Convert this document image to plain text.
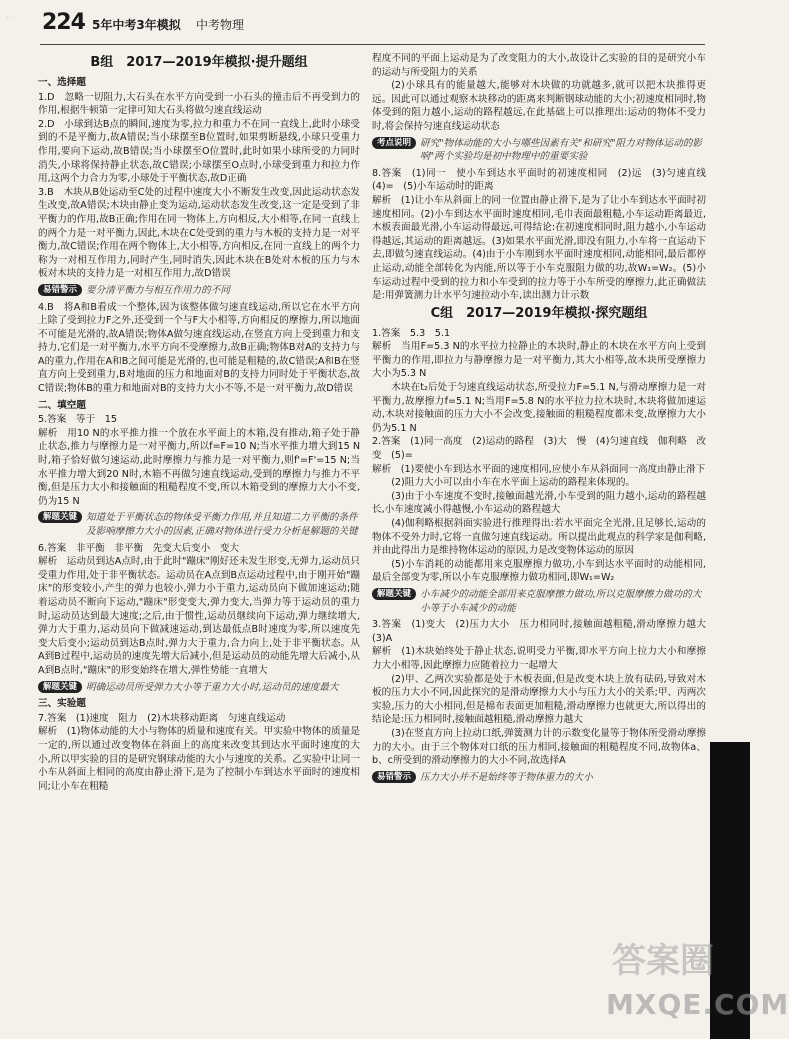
· · 224 5年中考3年模拟 中考物理
B组　2017—2019年模拟·提升题组
一、选择题

1.D　忽略一切阻力,大石头在水平方向受到一小石头的撞击后不再受到力的作用,根据牛顿第一定律可知大石头将做匀速直线运动

2.D　小球到达B点的瞬间,速度为零,拉力和重力不在同一直线上,此时小球受到的不是平衡力,故A错误;当小球摆至B位置时,如果剪断悬线,小球只受重力作用,要向下运动,故B错误;当小球摆至O位置时,此时如果小球所受的力同时消失,小球将保持静止状态,故C错误;小球摆至O点时,小球受到重力和拉力作用,这两个力合力为零,小球处于平衡状态,故D正确

3.B　木块从B处运动至C处的过程中速度大小不断发生改变,因此运动状态发生改变,故A错误;木块由静止变为运动,运动状态发生改变,这一定是受到了非平衡力的作用,故B正确;作用在同一物体上,方向相反,大小相等,在同一直线上的两个力是一对平衡力,因此,木块在C处受到的重力与木板的支持力是一对平衡力,故C错误;作用在两个物体上,大小相等,方向相反,在同一直线上的两个力称为一对相互作用力,同时产生,同时消失,因此木块在B处对木板的压力与木板对木块的支持力是一对相互作用力,故D错误

易错警示 要分清平衡力与相互作用力的不同

4.B　将A和B看成一个整体,因为该整体做匀速直线运动,所以它在水平方向上除了受到拉力F之外,还受到一个与F大小相等,方向相反的摩擦力,所以地面不可能是光滑的,故A错误;物体A做匀速直线运动,在竖直方向上受到重力和支持力,它们是一对平衡力,水平方向不受摩擦力,故B正确;物体B对A的支持力与A的重力,作用在A和B之间可能是光滑的,也可能是粗糙的,故C错误;A和B在竖直方向上受到重力,B对地面的压力和地面对B的支持力同时处于平衡状态,故C错误;物体B的重力和地面对B的支持力大小不等,不是一对平衡力,故D错误

二、填空题

5.答案　等于　15

解析　用10 N的水平推力推一个放在水平面上的木箱,没有推动,箱子处于静止状态,推力与摩擦力是一对平衡力,所以f=F=10 N;当水平推力增大到15 N时,箱子恰好做匀速运动,此时摩擦力与推力是一对平衡力,则f'=F'=15 N;当水平推力增大到20 N时,木箱不再做匀速直线运动,受到的摩擦力与推力不平衡,但是压力大小和接触面的粗糙程度不变,所以木箱受到的摩擦力大小不变,仍为15 N

解题关键 知道处于平衡状态的物体受平衡力作用,并且知道二力平衡的条件及影响摩擦力大小的因素,正确对物体进行受力分析是解题的关键

6.答案　非平衡　非平衡　先变大后变小　变大

解析　运动员到达A点时,由于此时"蹦床"刚好还未发生形变,无弹力,运动员只受重力作用,处于非平衡状态。运动员在A点到B点运动过程中,由于刚开始"蹦床"的形变较小,产生的弹力也较小,弹力小于重力,运动员向下做加速运动;随着运动员不断向下运动,"蹦床"形变变大,弹力变大,当弹力等于运动员的重力时,运动员达到最大速度;之后,由于惯性,运动员继续向下运动,弹力继续增大,弹力大于重力,运动员向下做减速运动,到达最低点B时速度为零,所以速度先变大后变小;运动员到达B点时,弹力大于重力,合力向上,处于非平衡状态。从A到B过程中,运动员的速度先增大后减小,但是运动员的动能先增大后减小,从A到B点时,"蹦床"的形变始终在增大,弹性势能一直增大

解题关键 明确运动员所受弹力大小等于重力大小时,运动员的速度最大
三、实验题

7.答案　(1)速度　阻力　(2)木块移动距离　匀速直线运动

解析　(1)物体动能的大小与物体的质量和速度有关。甲实验中物体的质量是一定的,所以通过改变物体在斜面上的高度来改变其到达水平面时速度的大小,所以甲实验的目的是研究钢球动能的大小与速度的关系。乙实验中让同一小车从斜面上相同的高度由静止滑下,是为了控制小车到达水平面时的速度相同;让小车在粗糙

程度不同的平面上运动是为了改变阻力的大小,故设计乙实验的目的是研究小车的运动与所受阻力的关系

(2)小球具有的能量越大,能够对木块做的功就越多,就可以把木块推得更远。因此可以通过观察木块移动的距离来判断钢球动能的大小;初速度相同时,物体受到的阻力越小,运动的路程越远,在此基础上可以推理出:运动的物体不受力时,将会保持匀速直线运动状态

考点说明 研究"物体动能的大小与哪些因素有关"和研究"阻力对物体运动的影响"两个实验均是初中物理中的重要实验

8.答案　(1)同一　使小车到达水平面时的初速度相同　(2)远　(3)匀速直线　(4)=　(5)小车运动时的距离

解析　(1)让小车从斜面上的同一位置由静止滑下,是为了让小车到达水平面时初速度相同。(2)小车到达水平面时速度相同,毛巾表面最粗糙,小车运动距离最近,木板表面最光滑,小车运动得最远,可得结论:在初速度相同时,阻力越小,小车运动得越远,其运动的距离越远。(3)如果水平面光滑,即没有阻力,小车将一直运动下去,即做匀速直线运动。(4)由于小车刚到水平面时速度相同,动能相同,最后都停止运动,动能全部转化为内能,所以等于小车克服阻力做的功,故W₁=W₂。(5)小车运动过程中受到的拉力和小车受到的拉力等于小车所受的摩擦力,此正确做法是:用弹簧测力计水平匀速拉动小车,读出测力计示数

C组　2017—2019年模拟·探究题组

1.答案　5.3　5.1

解析　当用F=5.3 N的水平拉力拉静止的木块时,静止的木块在水平方向上受到平衡力的作用,即拉力与静摩擦力是一对平衡力,其大小相等,故木块所受摩擦力大小为5.3 N

木块在t₂后处于匀速直线运动状态,所受拉力F=5.1 N,与滑动摩擦力是一对平衡力,故摩擦力f=5.1 N;当用F=5.8 N的水平拉力拉木块时,木块将做加速运动,木块对接触面的压力大小不会改变,接触面的粗糙程度都未变,故摩擦力大小仍为5.1 N

2.答案　(1)同一高度　(2)运动的路程　(3)大　慢　(4)匀速直线　伽利略　改变　(5)=

解析　(1)要使小车到达水平面的速度相同,应使小车从斜面同一高度由静止滑下

(2)阻力大小可以由小车在水平面上运动的路程来体现的。

(3)由于小车速度不变时,接触面越光滑,小车受到的阻力越小,运动的路程越长,小车速度减小得越慢,小车运动的路程越大

(4)伽利略根据斜面实验进行推理得出:若水平面完全光滑,且足够长,运动的物体不受外力时,它将一直做匀速直线运动。所以提出此观点的科学家是伽利略,并由此得出力是维持物体运动的原因,力是改变物体运动的原因

(5)小车消耗的动能都用来克服摩擦力做功,小车到达水平面时的动能相同,最后全部变为零,所以小车克服摩擦力做功相同,即W₁=W₂

解题关键 小车减少的动能全部用来克服摩擦力做功,所以克服摩擦力做功的大小等于小车减少的动能

3.答案　(1)变大　(2)压力大小　压力相同时,接触面越粗糙,滑动摩擦力越大　(3)A

解析　(1)木块始终处于静止状态,说明受力平衡,即水平方向上拉力大小和摩擦力大小相等,因此摩擦力应随着拉力一起增大

(2)甲、乙两次实验都是处于木板表面,但是改变木块上放有砝码,导致对木板的压力大小不同,因此探究的是滑动摩擦力大小与压力大小的关系;甲、丙两次实验,压力的大小相同,但是棉布表面更加粗糙,滑动摩擦力也就更大,所以得出的结论是:压力相同时,接触面越粗糙,滑动摩擦力越大

(3)在竖直方向上拉动口纸,弹簧测力计的示数变化量等于物体所受滑动摩擦力的大小。由于三个物体对口纸的压力相同,接触面的粗糙程度不同,故物体a、b、c所受到的滑动摩擦力的大小不同,故选择A

易错警示 压力大小并不是始终等于物体重力的大小
答案圈
MXQE.COM
